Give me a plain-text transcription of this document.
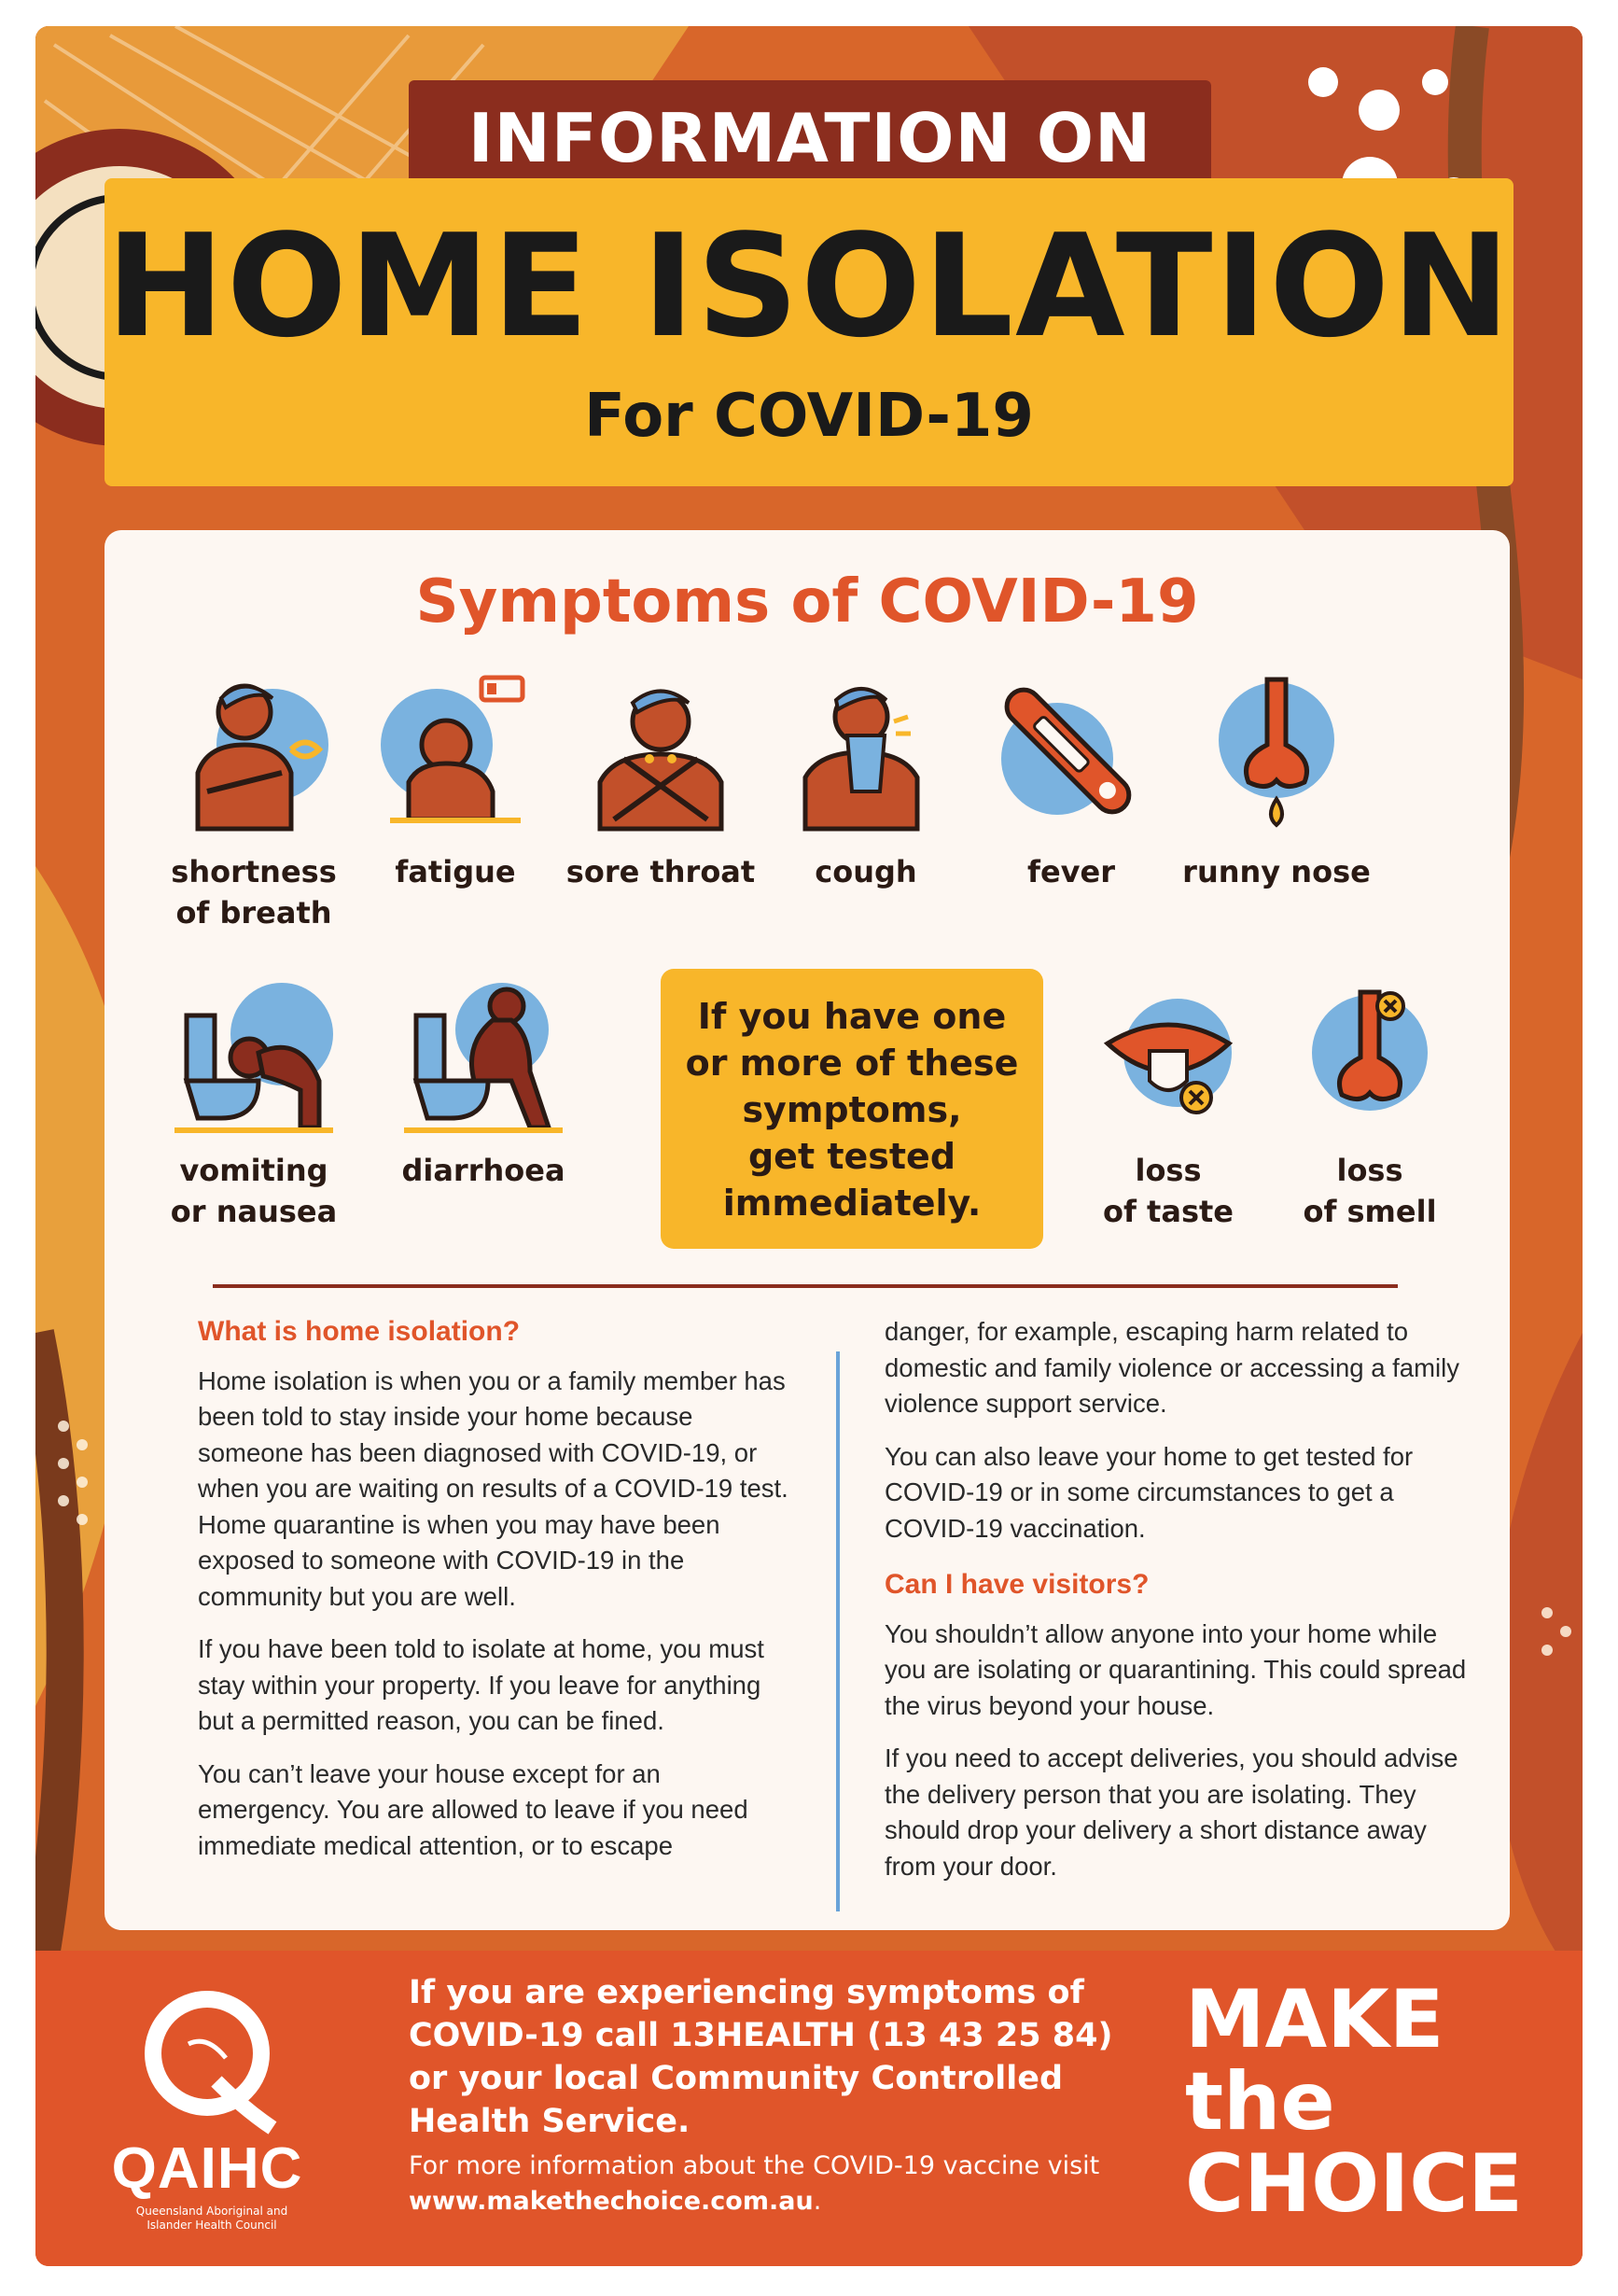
INFORMATION ON
HOME ISOLATION
For COVID-19
Symptoms of COVID-19
shortness
of breath
fatigue	sore throat	cough	fever	runny nose
vomiting
or nausea
diarrhoea
If you have one
or more of these
symptoms,
get tested
immediately.
loss
of taste
loss
of smell
What is home isolation?

Home isolation is when you or a family member has been told to stay inside your home because someone has been diagnosed with COVID-19, or when you are waiting on results of a COVID-19 test. Home quarantine is when you may have been exposed to someone with COVID-19 in the community but you are well.

If you have been told to isolate at home, you must stay within your property. If you leave for anything but a permitted reason, you can be fined.

You can’t leave your house except for an emergency. You are allowed to leave if you need immediate medical attention, or to escape

danger, for example, escaping harm related to domestic and family violence or accessing a family violence support service.

You can also leave your home to get tested for COVID-19 or in some circumstances to get a COVID-19 vaccination.

Can I have visitors?

You shouldn’t allow anyone into your home while you are isolating or quarantining. This could spread the virus beyond your house.

If you need to accept deliveries, you should advise the delivery person that you are isolating. They should drop your delivery a short distance away from your door.

QAIHC
Queensland Aboriginal and Islander Health Council
If you are experiencing symptoms of COVID-19 call 13HEALTH (13 43 25 84) or your local Community Controlled Health Service.
For more information about the COVID-19 vaccine visit www.makethechoice.com.au.
MAKE
the
CHOICE
